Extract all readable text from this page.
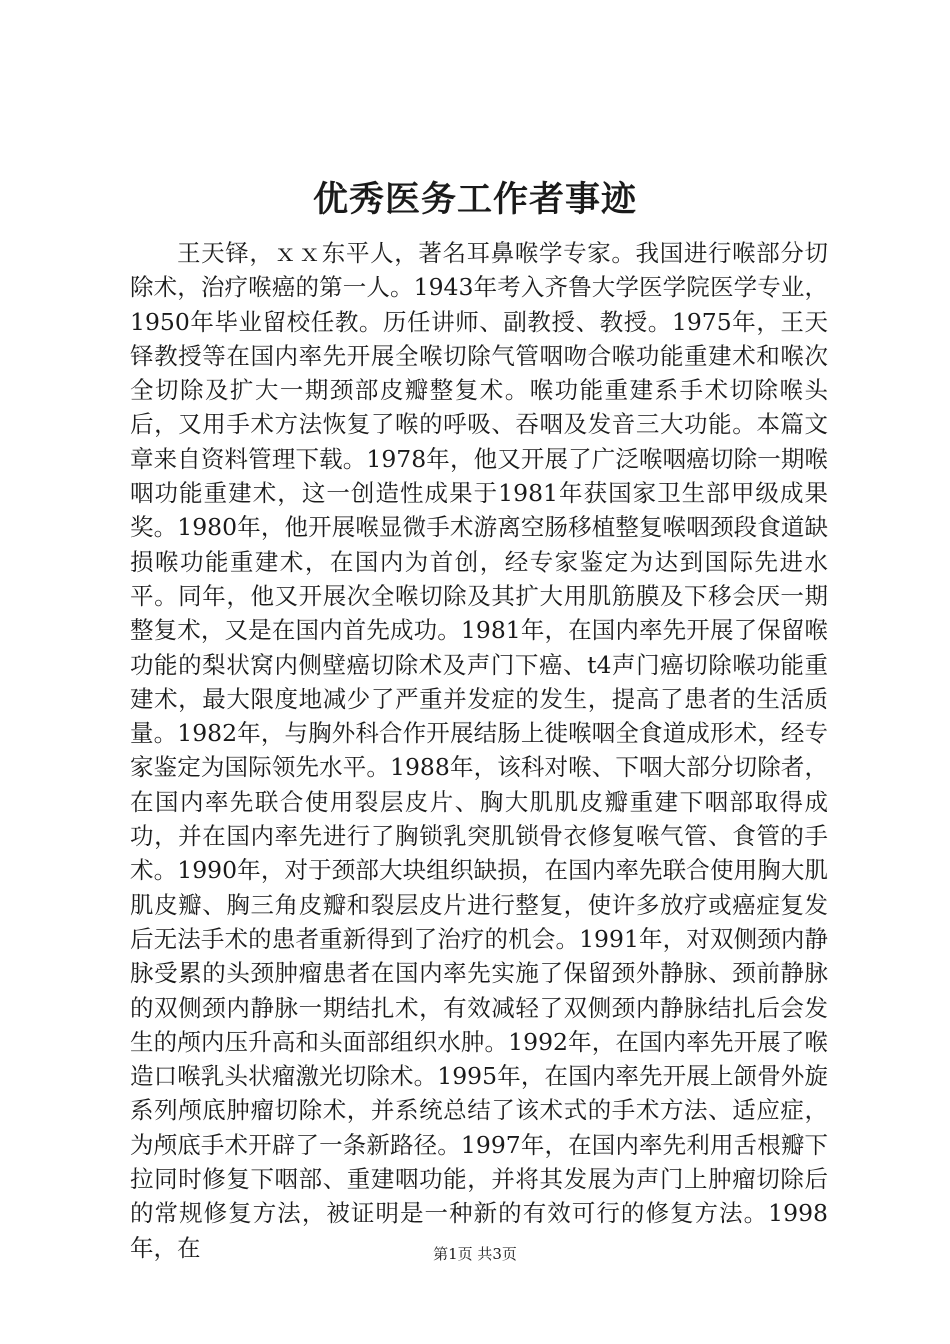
优秀医务工作者事迹

王天铎，ｘｘ东平人，著名耳鼻喉学专家。我国进行喉部分切除术，治疗喉癌的第一人。1943年考入齐鲁大学医学院医学专业，1950年毕业留校任教。历任讲师、副教授、教授。1975年，王天铎教授等在国内率先开展全喉切除气管咽吻合喉功能重建术和喉次全切除及扩大一期颈部皮瓣整复术。喉功能重建系手术切除喉头后，又用手术方法恢复了喉的呼吸、吞咽及发音三大功能。本篇文章来自资料管理下载。1978年，他又开展了广泛喉咽癌切除一期喉咽功能重建术，这一创造性成果于1981年获国家卫生部甲级成果奖。1980年，他开展喉显微手术游离空肠移植整复喉咽颈段食道缺损喉功能重建术，在国内为首创，经专家鉴定为达到国际先进水平。同年，他又开展次全喉切除及其扩大用肌筋膜及下移会厌一期整复术，又是在国内首先成功。1981年，在国内率先开展了保留喉功能的梨状窝内侧壁癌切除术及声门下癌、t4声门癌切除喉功能重建术，最大限度地减少了严重并发症的发生，提高了患者的生活质量。1982年，与胸外科合作开展结肠上徙喉咽全食道成形术，经专家鉴定为国际领先水平。1988年，该科对喉、下咽大部分切除者，在国内率先联合使用裂层皮片、胸大肌肌皮瓣重建下咽部取得成功，并在国内率先进行了胸锁乳突肌锁骨衣修复喉气管、食管的手术。1990年，对于颈部大块组织缺损，在国内率先联合使用胸大肌肌皮瓣、胸三角皮瓣和裂层皮片进行整复，使许多放疗或癌症复发后无法手术的患者重新得到了治疗的机会。1991年，对双侧颈内静脉受累的头颈肿瘤患者在国内率先实施了保留颈外静脉、颈前静脉的双侧颈内静脉一期结扎术，有效减轻了双侧颈内静脉结扎后会发生的颅内压升高和头面部组织水肿。1992年，在国内率先开展了喉造口喉乳头状瘤激光切除术。1995年，在国内率先开展上颌骨外旋系列颅底肿瘤切除术，并系统总结了该术式的手术方法、适应症，为颅底手术开辟了一条新路径。1997年，在国内率先利用舌根瓣下拉同时修复下咽部、重建咽功能，并将其发展为声门上肿瘤切除后的常规修复方法，被证明是一种新的有效可行的修复方法。1998年，在	第1页 共3页
